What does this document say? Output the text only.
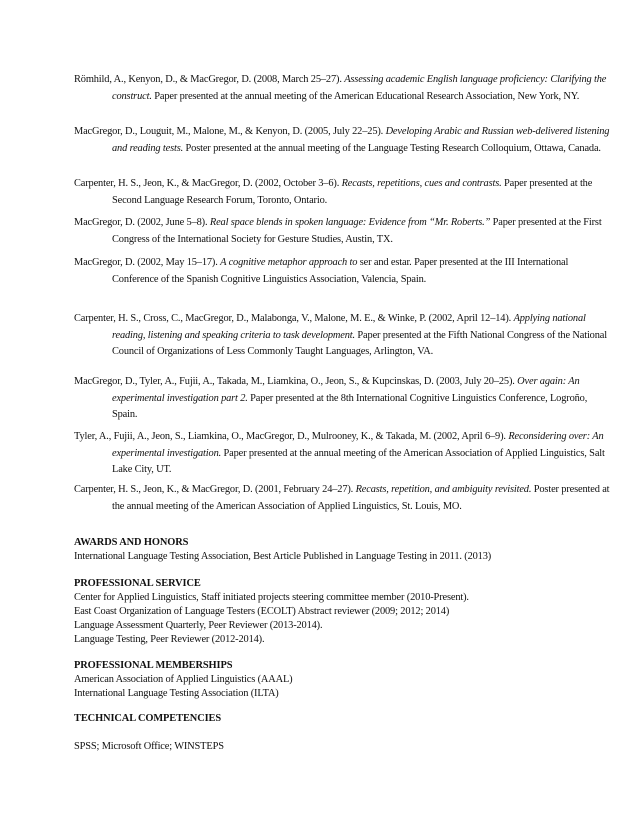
Römhild, A., Kenyon, D., & MacGregor, D. (2008, March 25–27). Assessing academic English language proficiency: Clarifying the construct. Paper presented at the annual meeting of the American Educational Research Association, New York, NY.
MacGregor, D., Louguit, M., Malone, M., & Kenyon, D. (2005, July 22–25). Developing Arabic and Russian web-delivered listening and reading tests. Poster presented at the annual meeting of the Language Testing Research Colloquium, Ottawa, Canada.
Carpenter, H. S., Jeon, K., & MacGregor, D. (2002, October 3–6). Recasts, repetitions, cues and contrasts. Paper presented at the Second Language Research Forum, Toronto, Ontario.
MacGregor, D. (2002, June 5–8). Real space blends in spoken language: Evidence from “Mr. Roberts.” Paper presented at the First Congress of the International Society for Gesture Studies, Austin, TX.
MacGregor, D. (2002, May 15–17). A cognitive metaphor approach to ser and estar. Paper presented at the III International Conference of the Spanish Cognitive Linguistics Association, Valencia, Spain.
Carpenter, H. S., Cross, C., MacGregor, D., Malabonga, V., Malone, M. E., & Winke, P. (2002, April 12–14). Applying national reading, listening and speaking criteria to task development. Paper presented at the Fifth National Congress of the National Council of Organizations of Less Commonly Taught Languages, Arlington, VA.
MacGregor, D., Tyler, A., Fujii, A., Takada, M., Liamkina, O., Jeon, S., & Kupcinskas, D. (2003, July 20–25). Over again: An experimental investigation part 2. Paper presented at the 8th International Cognitive Linguistics Conference, Logroño, Spain.
Tyler, A., Fujii, A., Jeon, S., Liamkina, O., MacGregor, D., Mulrooney, K., & Takada, M. (2002, April 6–9). Reconsidering over: An experimental investigation. Paper presented at the annual meeting of the American Association of Applied Linguistics, Salt Lake City, UT.
Carpenter, H. S., Jeon, K., & MacGregor, D. (2001, February 24–27). Recasts, repetition, and ambiguity revisited. Poster presented at the annual meeting of the American Association of Applied Linguistics, St. Louis, MO.
AWARDS AND HONORS
International Language Testing Association, Best Article Published in Language Testing in 2011. (2013)
PROFESSIONAL SERVICE
Center for Applied Linguistics, Staff initiated projects steering committee member (2010-Present).
East Coast Organization of Language Testers (ECOLT) Abstract reviewer (2009; 2012; 2014)
Language Assessment Quarterly, Peer Reviewer (2013-2014).
Language Testing, Peer Reviewer (2012-2014).
PROFESSIONAL MEMBERSHIPS
American Association of Applied Linguistics (AAAL)
International Language Testing Association (ILTA)
TECHNICAL COMPETENCIES
SPSS; Microsoft Office; WINSTEPS
